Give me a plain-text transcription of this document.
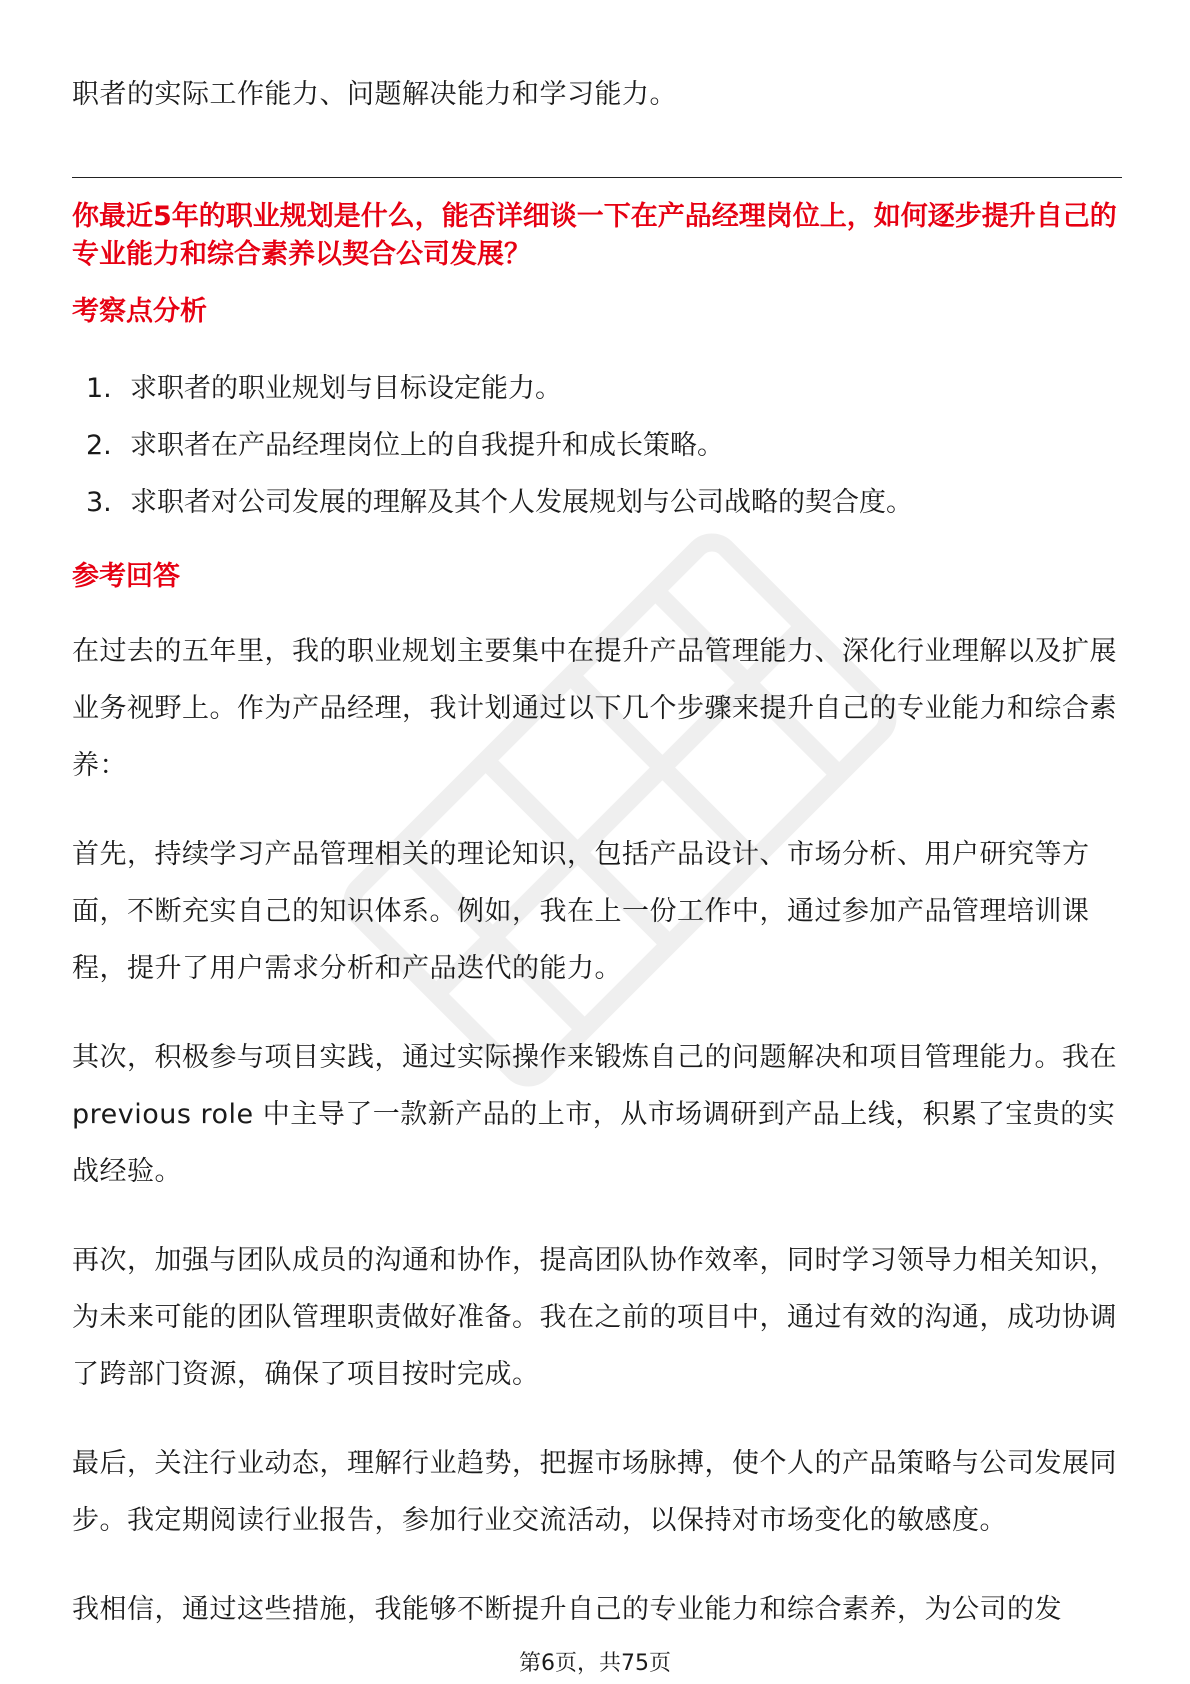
职者的实际工作能力、问题解决能力和学习能力。

你最近5年的职业规划是什么，能否详细谈一下在产品经理岗位上，如何逐步提升自己的专业能力和综合素养以契合公司发展？

考察点分析

1. 求职者的职业规划与目标设定能力。
2. 求职者在产品经理岗位上的自我提升和成长策略。
3. 求职者对公司发展的理解及其个人发展规划与公司战略的契合度。

参考回答

在过去的五年里，我的职业规划主要集中在提升产品管理能力、深化行业理解以及扩展业务视野上。作为产品经理，我计划通过以下几个步骤来提升自己的专业能力和综合素养：

首先，持续学习产品管理相关的理论知识，包括产品设计、市场分析、用户研究等方面，不断充实自己的知识体系。例如，我在上一份工作中，通过参加产品管理培训课程，提升了用户需求分析和产品迭代的能力。

其次，积极参与项目实践，通过实际操作来锻炼自己的问题解决和项目管理能力。我在 previous role 中主导了一款新产品的上市，从市场调研到产品上线，积累了宝贵的实战经验。

再次，加强与团队成员的沟通和协作，提高团队协作效率，同时学习领导力相关知识，为未来可能的团队管理职责做好准备。我在之前的项目中，通过有效的沟通，成功协调了跨部门资源，确保了项目按时完成。

最后，关注行业动态，理解行业趋势，把握市场脉搏，使个人的产品策略与公司发展同步。我定期阅读行业报告，参加行业交流活动，以保持对市场变化的敏感度。

我相信，通过这些措施，我能够不断提升自己的专业能力和综合素养，为公司的发

第6页，共75页
